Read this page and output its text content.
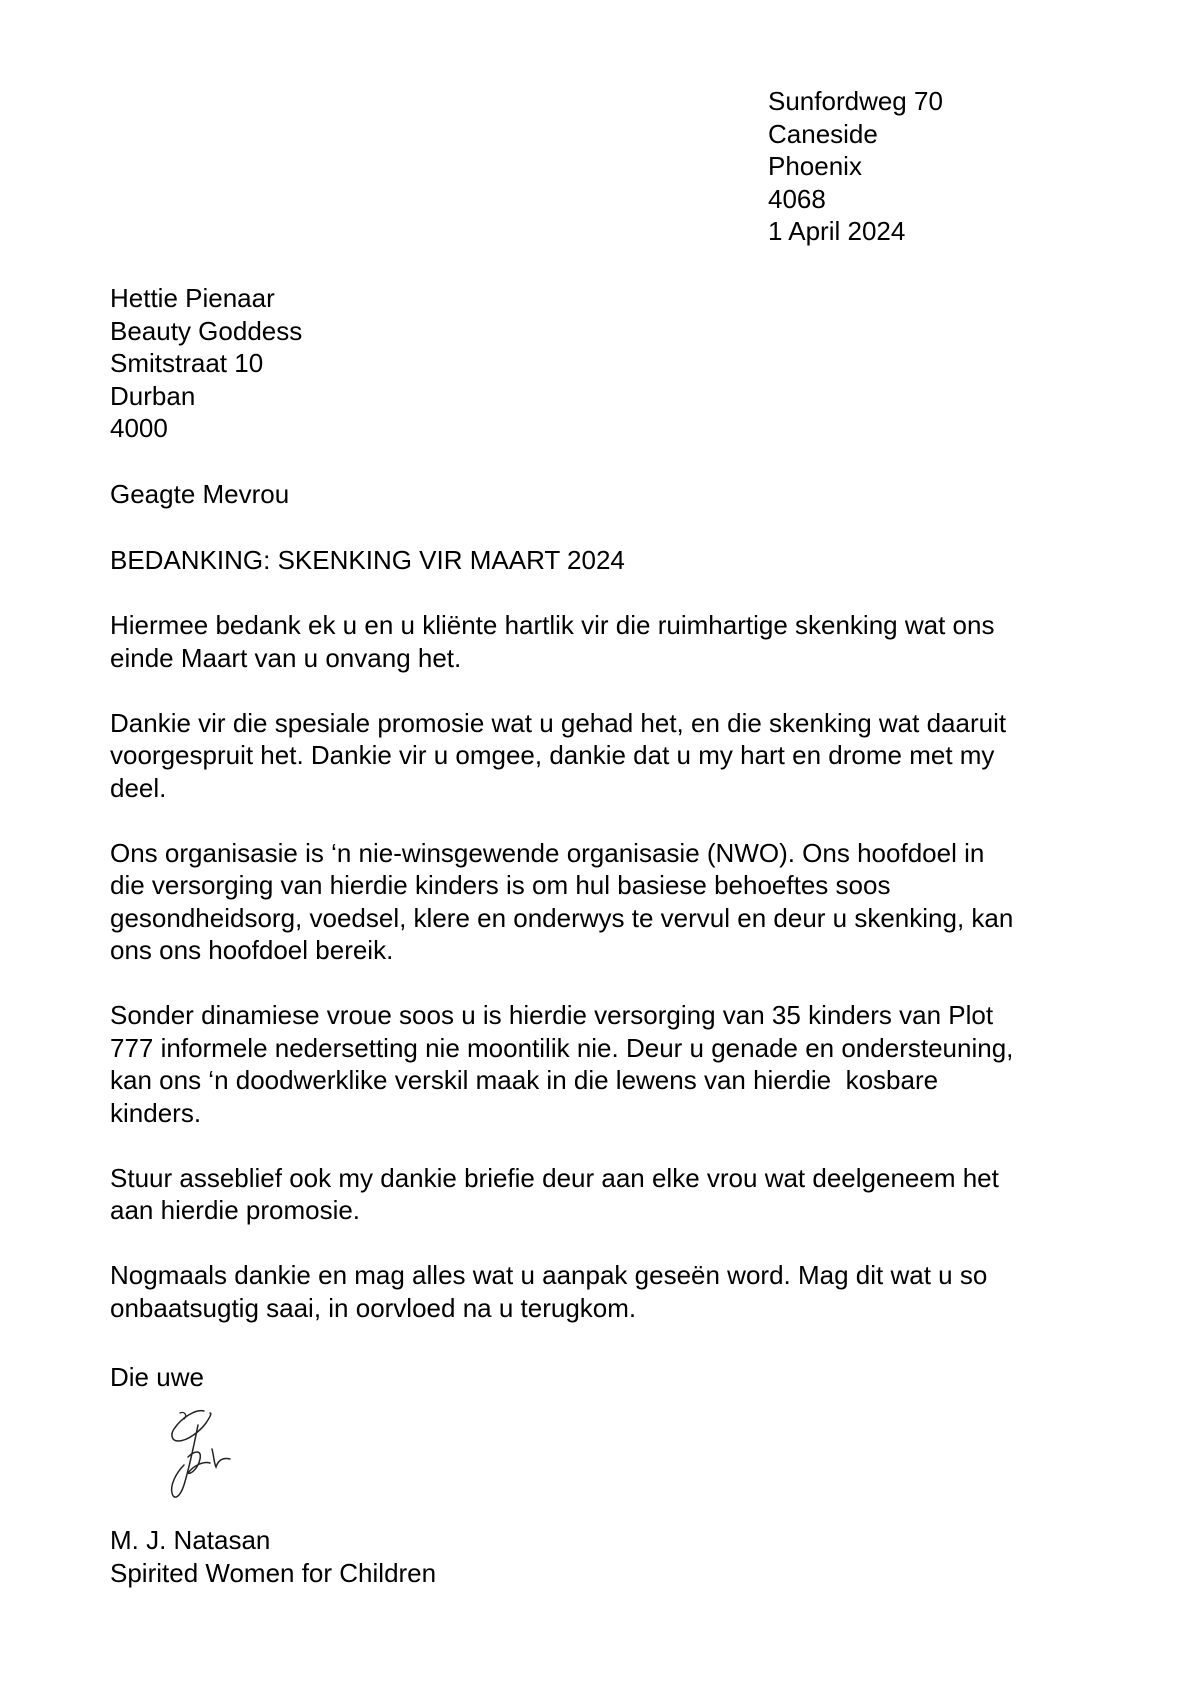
Sunfordweg 70
Caneside
Phoenix
4068
1 April 2024
Hettie Pienaar
Beauty Goddess
Smitstraat 10
Durban
4000
Geagte Mevrou
BEDANKING: SKENKING VIR MAART 2024
Hiermee bedank ek u en u kliënte hartlik vir die ruimhartige skenking wat ons
einde Maart van u onvang het.
Dankie vir die spesiale promosie wat u gehad het, en die skenking wat daaruit
voorgespruit het. Dankie vir u omgee, dankie dat u my hart en drome met my
deel.
Ons organisasie is ‘n nie-winsgewende organisasie (NWO). Ons hoofdoel in
die versorging van hierdie kinders is om hul basiese behoeftes soos
gesondheidsorg, voedsel, klere en onderwys te vervul en deur u skenking, kan
ons ons hoofdoel bereik.
Sonder dinamiese vroue soos u is hierdie versorging van 35 kinders van Plot
777 informele nedersetting nie moontilik nie. Deur u genade en ondersteuning,
kan ons ‘n doodwerklike verskil maak in die lewens van hierdie  kosbare
kinders.
Stuur asseblief ook my dankie briefie deur aan elke vrou wat deelgeneem het
aan hierdie promosie.
Nogmaals dankie en mag alles wat u aanpak geseën word. Mag dit wat u so
onbaatsugtig saai, in oorvloed na u terugkom.
Die uwe
M. J. Natasan
Spirited Women for Children
